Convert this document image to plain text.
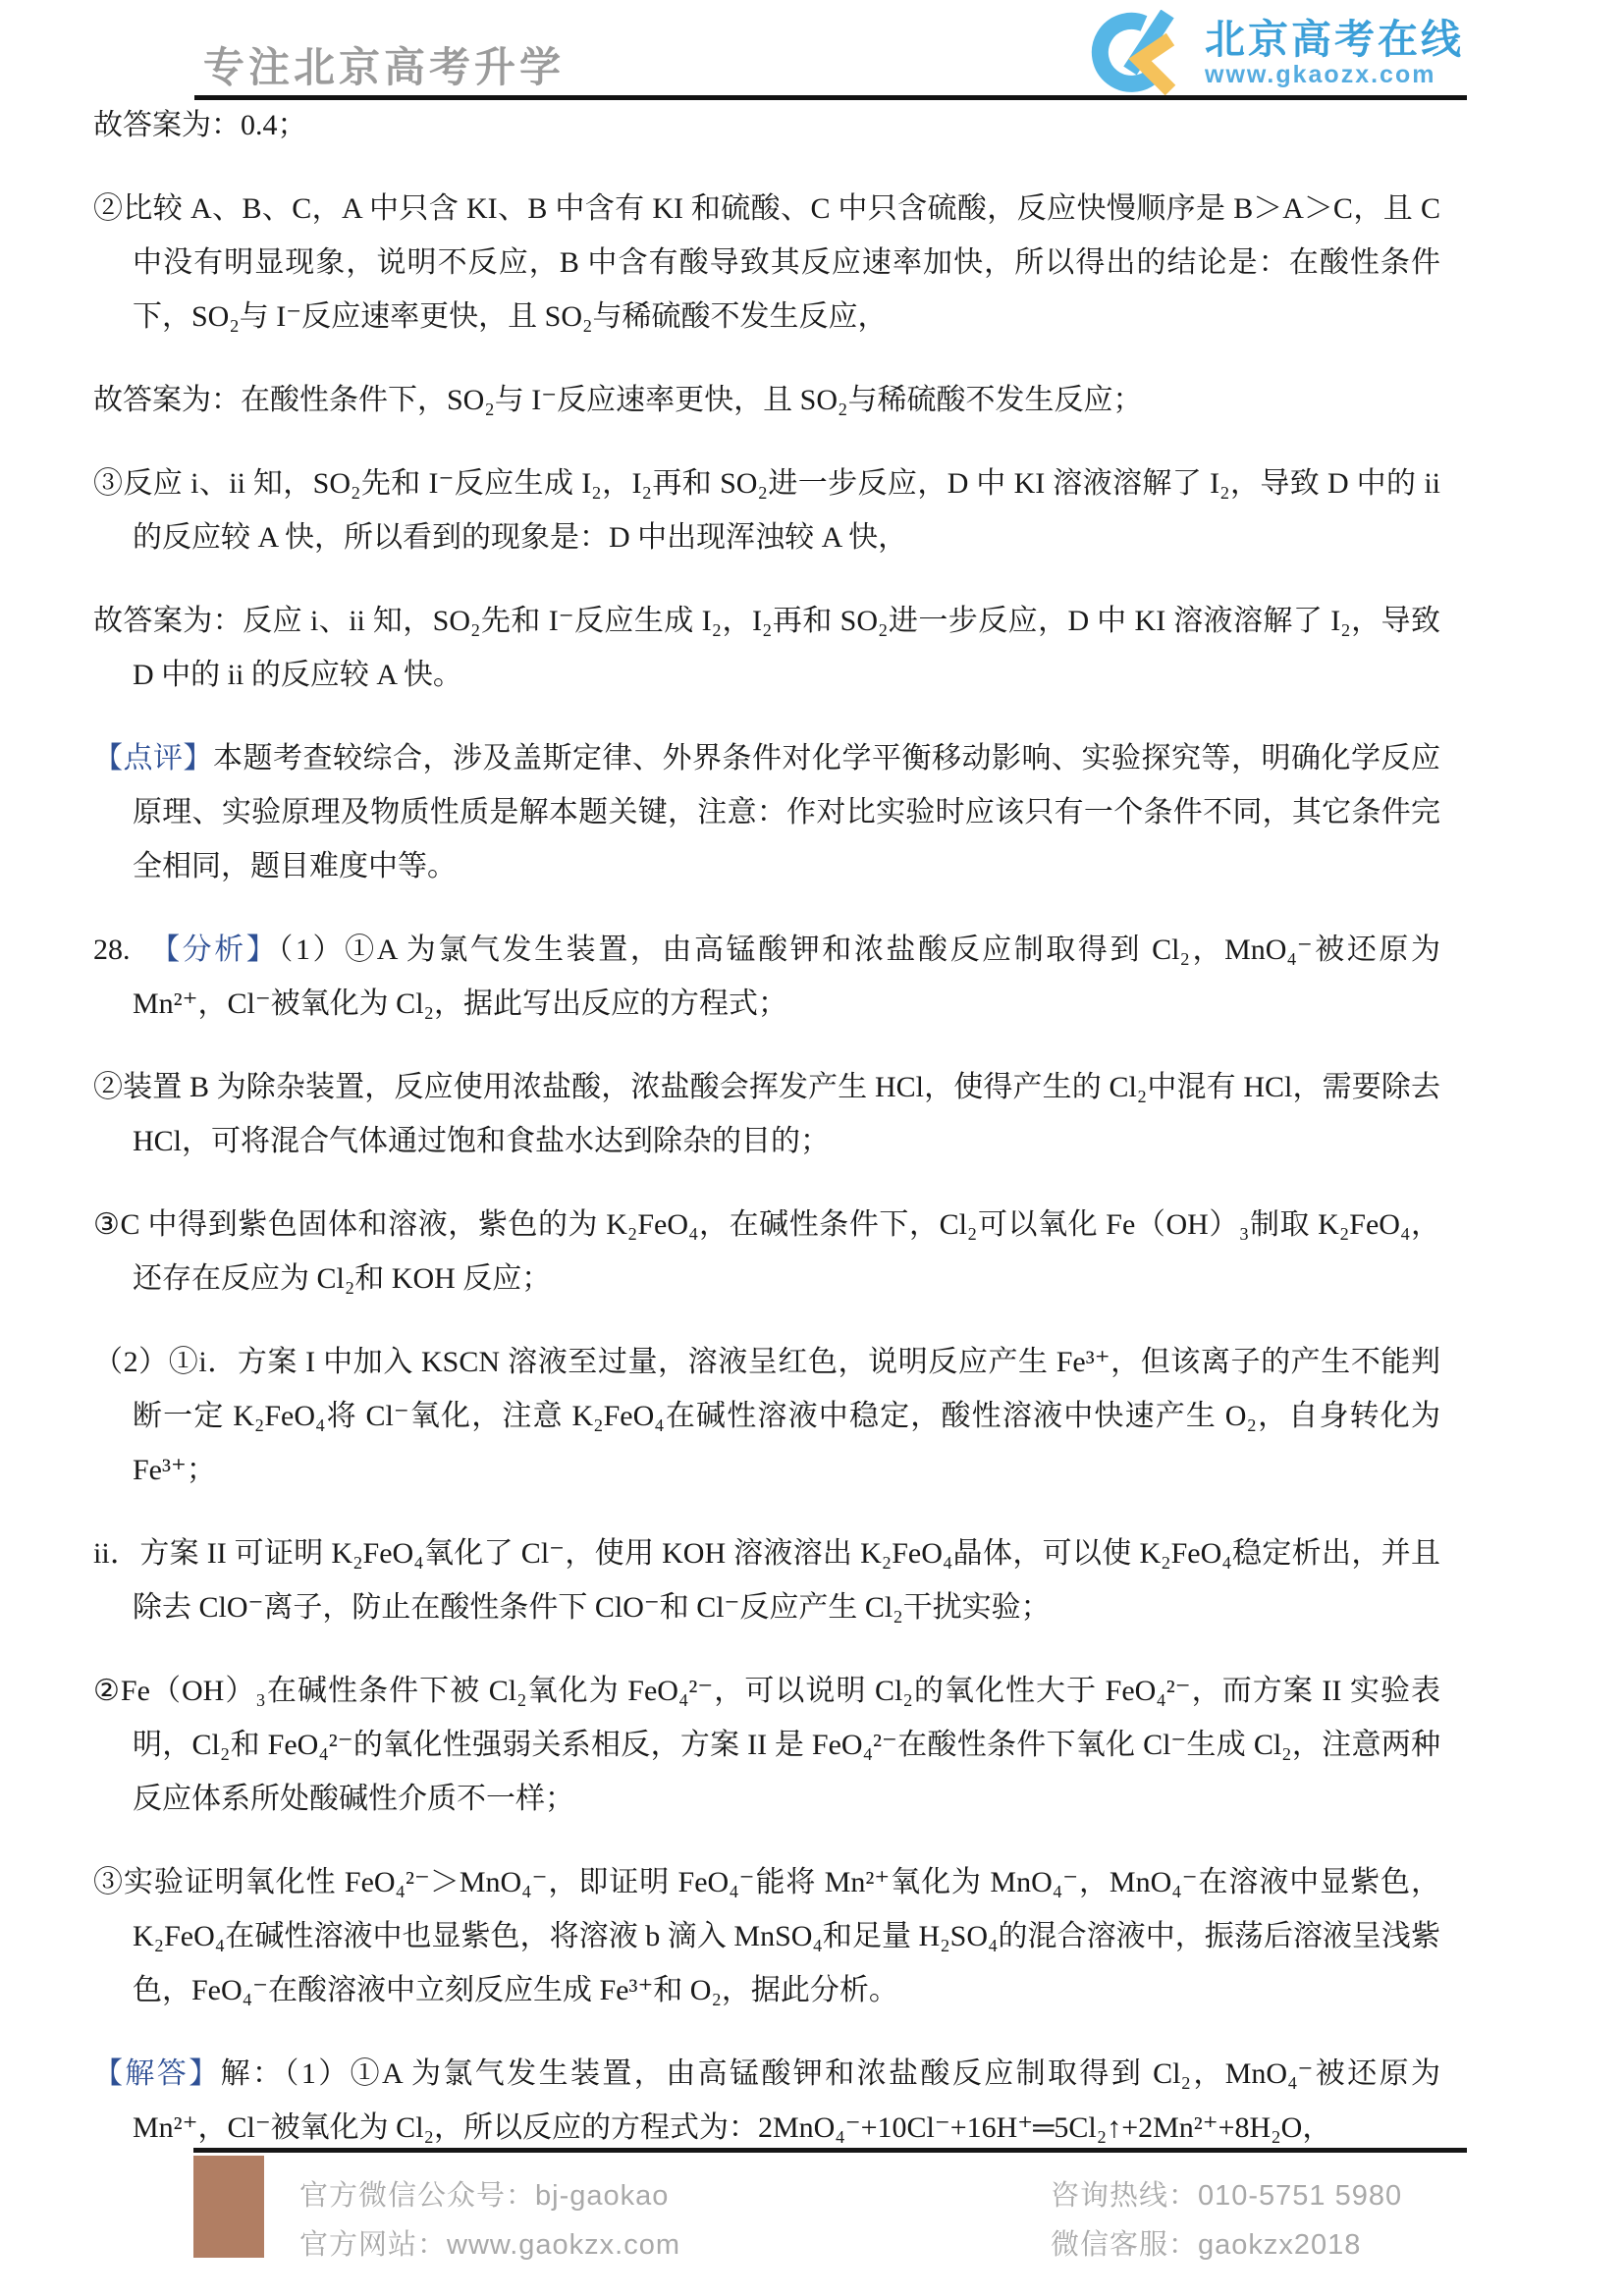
专注北京高考升学
北京高考在线
www.gkaozx.com

故答案为：0.4；

②比较 A、B、C，A 中只含 KI、B 中含有 KI 和硫酸、C 中只含硫酸，反应快慢顺序是 B＞A＞C，且 C 中没有明显现象，说明不反应，B 中含有酸导致其反应速率加快，所以得出的结论是：在酸性条件下，SO₂与 I⁻反应速率更快，且 SO₂与稀硫酸不发生反应，

故答案为：在酸性条件下，SO₂与 I⁻反应速率更快，且 SO₂与稀硫酸不发生反应；

③反应 i、ii 知，SO₂先和 I⁻反应生成 I₂，I₂再和 SO₂进一步反应，D 中 KI 溶液溶解了 I₂，导致 D 中的 ii 的反应较 A 快，所以看到的现象是：D 中出现浑浊较 A 快，

故答案为：反应 i、ii 知，SO₂先和 I⁻反应生成 I₂，I₂再和 SO₂进一步反应，D 中 KI 溶液溶解了 I₂，导致 D 中的 ii 的反应较 A 快。

【点评】本题考查较综合，涉及盖斯定律、外界条件对化学平衡移动影响、实验探究等，明确化学反应原理、实验原理及物质性质是解本题关键，注意：作对比实验时应该只有一个条件不同，其它条件完全相同，题目难度中等。

28. 【分析】（1）①A 为氯气发生装置，由高锰酸钾和浓盐酸反应制取得到 Cl₂，MnO₄⁻被还原为 Mn²⁺，Cl⁻被氧化为 Cl₂，据此写出反应的方程式；

②装置 B 为除杂装置，反应使用浓盐酸，浓盐酸会挥发产生 HCl，使得产生的 Cl₂中混有 HCl，需要除去 HCl，可将混合气体通过饱和食盐水达到除杂的目的；

③C 中得到紫色固体和溶液，紫色的为 K₂FeO₄，在碱性条件下，Cl₂可以氧化 Fe（OH）₃制取 K₂FeO₄，还存在反应为 Cl₂和 KOH 反应；

（2）①i．方案 I 中加入 KSCN 溶液至过量，溶液呈红色，说明反应产生 Fe³⁺，但该离子的产生不能判断一定 K₂FeO₄将 Cl⁻氧化，注意 K₂FeO₄在碱性溶液中稳定，酸性溶液中快速产生 O₂，自身转化为 Fe³⁺；

ii．方案 II 可证明 K₂FeO₄氧化了 Cl⁻，使用 KOH 溶液溶出 K₂FeO₄晶体，可以使 K₂FeO₄稳定析出，并且除去 ClO⁻离子，防止在酸性条件下 ClO⁻和 Cl⁻反应产生 Cl₂干扰实验；

②Fe（OH）₃在碱性条件下被 Cl₂氧化为 FeO₄²⁻，可以说明 Cl₂的氧化性大于 FeO₄²⁻，而方案 II 实验表明，Cl₂和 FeO₄²⁻的氧化性强弱关系相反，方案 II 是 FeO₄²⁻在酸性条件下氧化 Cl⁻生成 Cl₂，注意两种反应体系所处酸碱性介质不一样；

③实验证明氧化性 FeO₄²⁻＞MnO₄⁻，即证明 FeO₄⁻能将 Mn²⁺氧化为 MnO₄⁻，MnO₄⁻在溶液中显紫色，K₂FeO₄在碱性溶液中也显紫色，将溶液 b 滴入 MnSO₄和足量 H₂SO₄的混合溶液中，振荡后溶液呈浅紫色，FeO₄⁻在酸溶液中立刻反应生成 Fe³⁺和 O₂，据此分析。

【解答】解：（1）①A 为氯气发生装置，由高锰酸钾和浓盐酸反应制取得到 Cl₂，MnO₄⁻被还原为 Mn²⁺，Cl⁻被氧化为 Cl₂，所以反应的方程式为：2MnO₄⁻+10Cl⁻+16H⁺═5Cl₂↑+2Mn²⁺+8H₂O，

官方微信公众号：bj-gaokao
官方网站：www.gaokzx.com
咨询热线：010-5751 5980
微信客服：gaokzx2018
